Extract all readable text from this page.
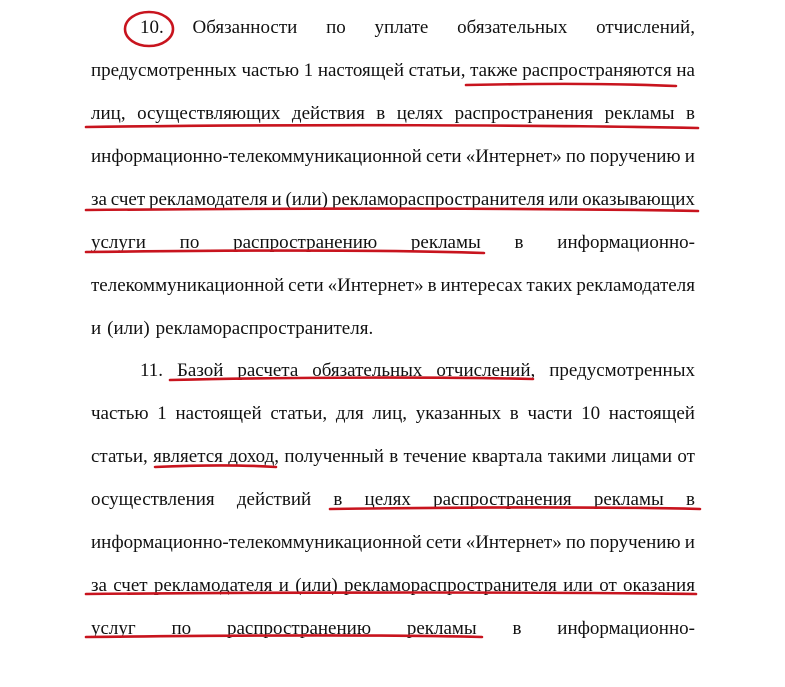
10. Обязанности по уплате обязательных отчислений,
предусмотренных частью 1 настоящей статьи, также распространяются на
лиц, осуществляющих действия в целях распространения рекламы в
информационно-телекоммуникационной сети «Интернет» по поручению и
за счет рекламодателя и (или) рекламораспространителя или оказывающих
услуги по распространению рекламы в информационно-
телекоммуникационной сети «Интернет» в интересах таких рекламодателя
и (или) рекламораспространителя.
11. Базой расчета обязательных отчислений, предусмотренных
частью 1 настоящей статьи, для лиц, указанных в части 10 настоящей
статьи, является доход, полученный в течение квартала такими лицами от
осуществления действий в целях распространения рекламы в
информационно-телекоммуникационной сети «Интернет» по поручению и
за счет рекламодателя и (или) рекламораспространителя или от оказания
услуг по распространению рекламы в информационно-
